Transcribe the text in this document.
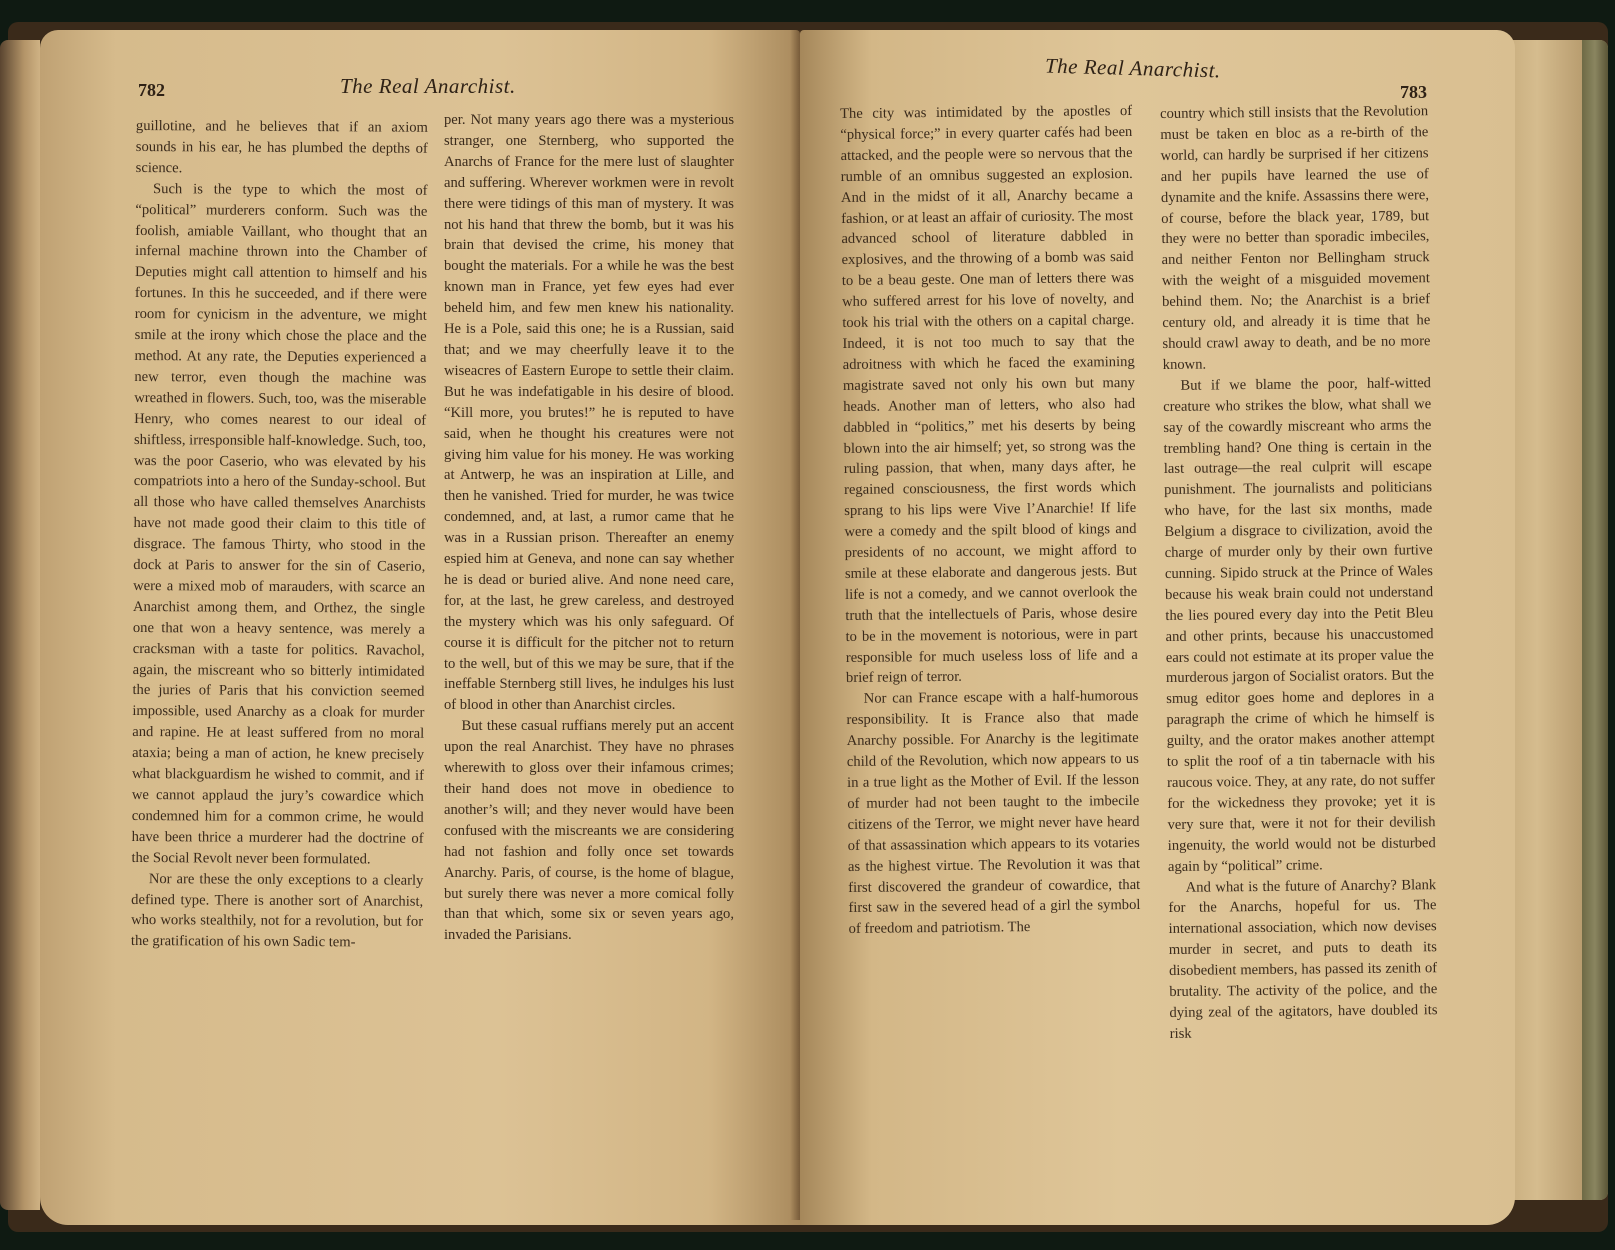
782	The Real Anarchist.

guillotine, and he believes that if an axiom sounds in his ear, he has plumbed the depths of science.

Such is the type to which the most of “political” murderers conform. Such was the foolish, amiable Vaillant, who thought that an infernal machine thrown into the Chamber of Deputies might call attention to himself and his fortunes. In this he succeeded, and if there were room for cynicism in the adventure, we might smile at the irony which chose the place and the method. At any rate, the Deputies experienced a new terror, even though the machine was wreathed in flowers. Such, too, was the miserable Henry, who comes nearest to our ideal of shiftless, irresponsible half-knowledge. Such, too, was the poor Caserio, who was elevated by his compatriots into a hero of the Sunday-school. But all those who have called themselves Anarchists have not made good their claim to this title of disgrace. The famous Thirty, who stood in the dock at Paris to answer for the sin of Caserio, were a mixed mob of marauders, with scarce an Anarchist among them, and Orthez, the single one that won a heavy sentence, was merely a cracksman with a taste for politics. Ravachol, again, the miscreant who so bitterly intimidated the juries of Paris that his conviction seemed impossible, used Anarchy as a cloak for murder and rapine. He at least suffered from no moral ataxia; being a man of action, he knew precisely what blackguardism he wished to commit, and if we cannot applaud the jury’s cowardice which condemned him for a common crime, he would have been thrice a murderer had the doctrine of the Social Revolt never been formulated.

Nor are these the only exceptions to a clearly defined type. There is another sort of Anarchist, who works stealthily, not for a revolution, but for the gratification of his own Sadic tem-

per. Not many years ago there was a mysterious stranger, one Sternberg, who supported the Anarchs of France for the mere lust of slaughter and suffering. Wherever workmen were in revolt there were tidings of this man of mystery. It was not his hand that threw the bomb, but it was his brain that devised the crime, his money that bought the materials. For a while he was the best known man in France, yet few eyes had ever beheld him, and few men knew his nationality. He is a Pole, said this one; he is a Russian, said that; and we may cheerfully leave it to the wiseacres of Eastern Europe to settle their claim. But he was indefatigable in his desire of blood. “Kill more, you brutes!” he is reputed to have said, when he thought his creatures were not giving him value for his money. He was working at Antwerp, he was an inspiration at Lille, and then he vanished. Tried for murder, he was twice condemned, and, at last, a rumor came that he was in a Russian prison. Thereafter an enemy espied him at Geneva, and none can say whether he is dead or buried alive. And none need care, for, at the last, he grew careless, and destroyed the mystery which was his only safeguard. Of course it is difficult for the pitcher not to return to the well, but of this we may be sure, that if the ineffable Sternberg still lives, he indulges his lust of blood in other than Anarchist circles.

But these casual ruffians merely put an accent upon the real Anarchist. They have no phrases wherewith to gloss over their infamous crimes; their hand does not move in obedience to another’s will; and they never would have been confused with the miscreants we are considering had not fashion and folly once set towards Anarchy. Paris, of course, is the home of blague, but surely there was never a more comical folly than that which, some six or seven years ago, invaded the Parisians.

The Real Anarchist.
783

The city was intimidated by the apostles of “physical force;” in every quarter cafés had been attacked, and the people were so nervous that the rumble of an omnibus suggested an explosion. And in the midst of it all, Anarchy became a fashion, or at least an affair of curiosity. The most advanced school of literature dabbled in explosives, and the throwing of a bomb was said to be a beau geste. One man of letters there was who suffered arrest for his love of novelty, and took his trial with the others on a capital charge. Indeed, it is not too much to say that the adroitness with which he faced the examining magistrate saved not only his own but many heads. Another man of letters, who also had dabbled in “politics,” met his deserts by being blown into the air himself; yet, so strong was the ruling passion, that when, many days after, he regained consciousness, the first words which sprang to his lips were Vive l’Anarchie! If life were a comedy and the spilt blood of kings and presidents of no account, we might afford to smile at these elaborate and dangerous jests. But life is not a comedy, and we cannot overlook the truth that the intellectuels of Paris, whose desire to be in the movement is notorious, were in part responsible for much useless loss of life and a brief reign of terror.

Nor can France escape with a half-humorous responsibility. It is France also that made Anarchy possible. For Anarchy is the legitimate child of the Revolution, which now appears to us in a true light as the Mother of Evil. If the lesson of murder had not been taught to the imbecile citizens of the Terror, we might never have heard of that assassination which appears to its votaries as the highest virtue. The Revolution it was that first discovered the grandeur of cowardice, that first saw in the severed head of a girl the symbol of freedom and patriotism. The

country which still insists that the Revolution must be taken en bloc as a re-birth of the world, can hardly be surprised if her citizens and her pupils have learned the use of dynamite and the knife. Assassins there were, of course, before the black year, 1789, but they were no better than sporadic imbeciles, and neither Fenton nor Bellingham struck with the weight of a misguided movement behind them. No; the Anarchist is a brief century old, and already it is time that he should crawl away to death, and be no more known.

But if we blame the poor, half-witted creature who strikes the blow, what shall we say of the cowardly miscreant who arms the trembling hand? One thing is certain in the last outrage—the real culprit will escape punishment. The journalists and politicians who have, for the last six months, made Belgium a disgrace to civilization, avoid the charge of murder only by their own furtive cunning. Sipido struck at the Prince of Wales because his weak brain could not understand the lies poured every day into the Petit Bleu and other prints, because his unaccustomed ears could not estimate at its proper value the murderous jargon of Socialist orators. But the smug editor goes home and deplores in a paragraph the crime of which he himself is guilty, and the orator makes another attempt to split the roof of a tin tabernacle with his raucous voice. They, at any rate, do not suffer for the wickedness they provoke; yet it is very sure that, were it not for their devilish ingenuity, the world would not be disturbed again by “political” crime.

And what is the future of Anarchy? Blank for the Anarchs, hopeful for us. The international association, which now devises murder in secret, and puts to death its disobedient members, has passed its zenith of brutality. The activity of the police, and the dying zeal of the agitators, have doubled its risk
